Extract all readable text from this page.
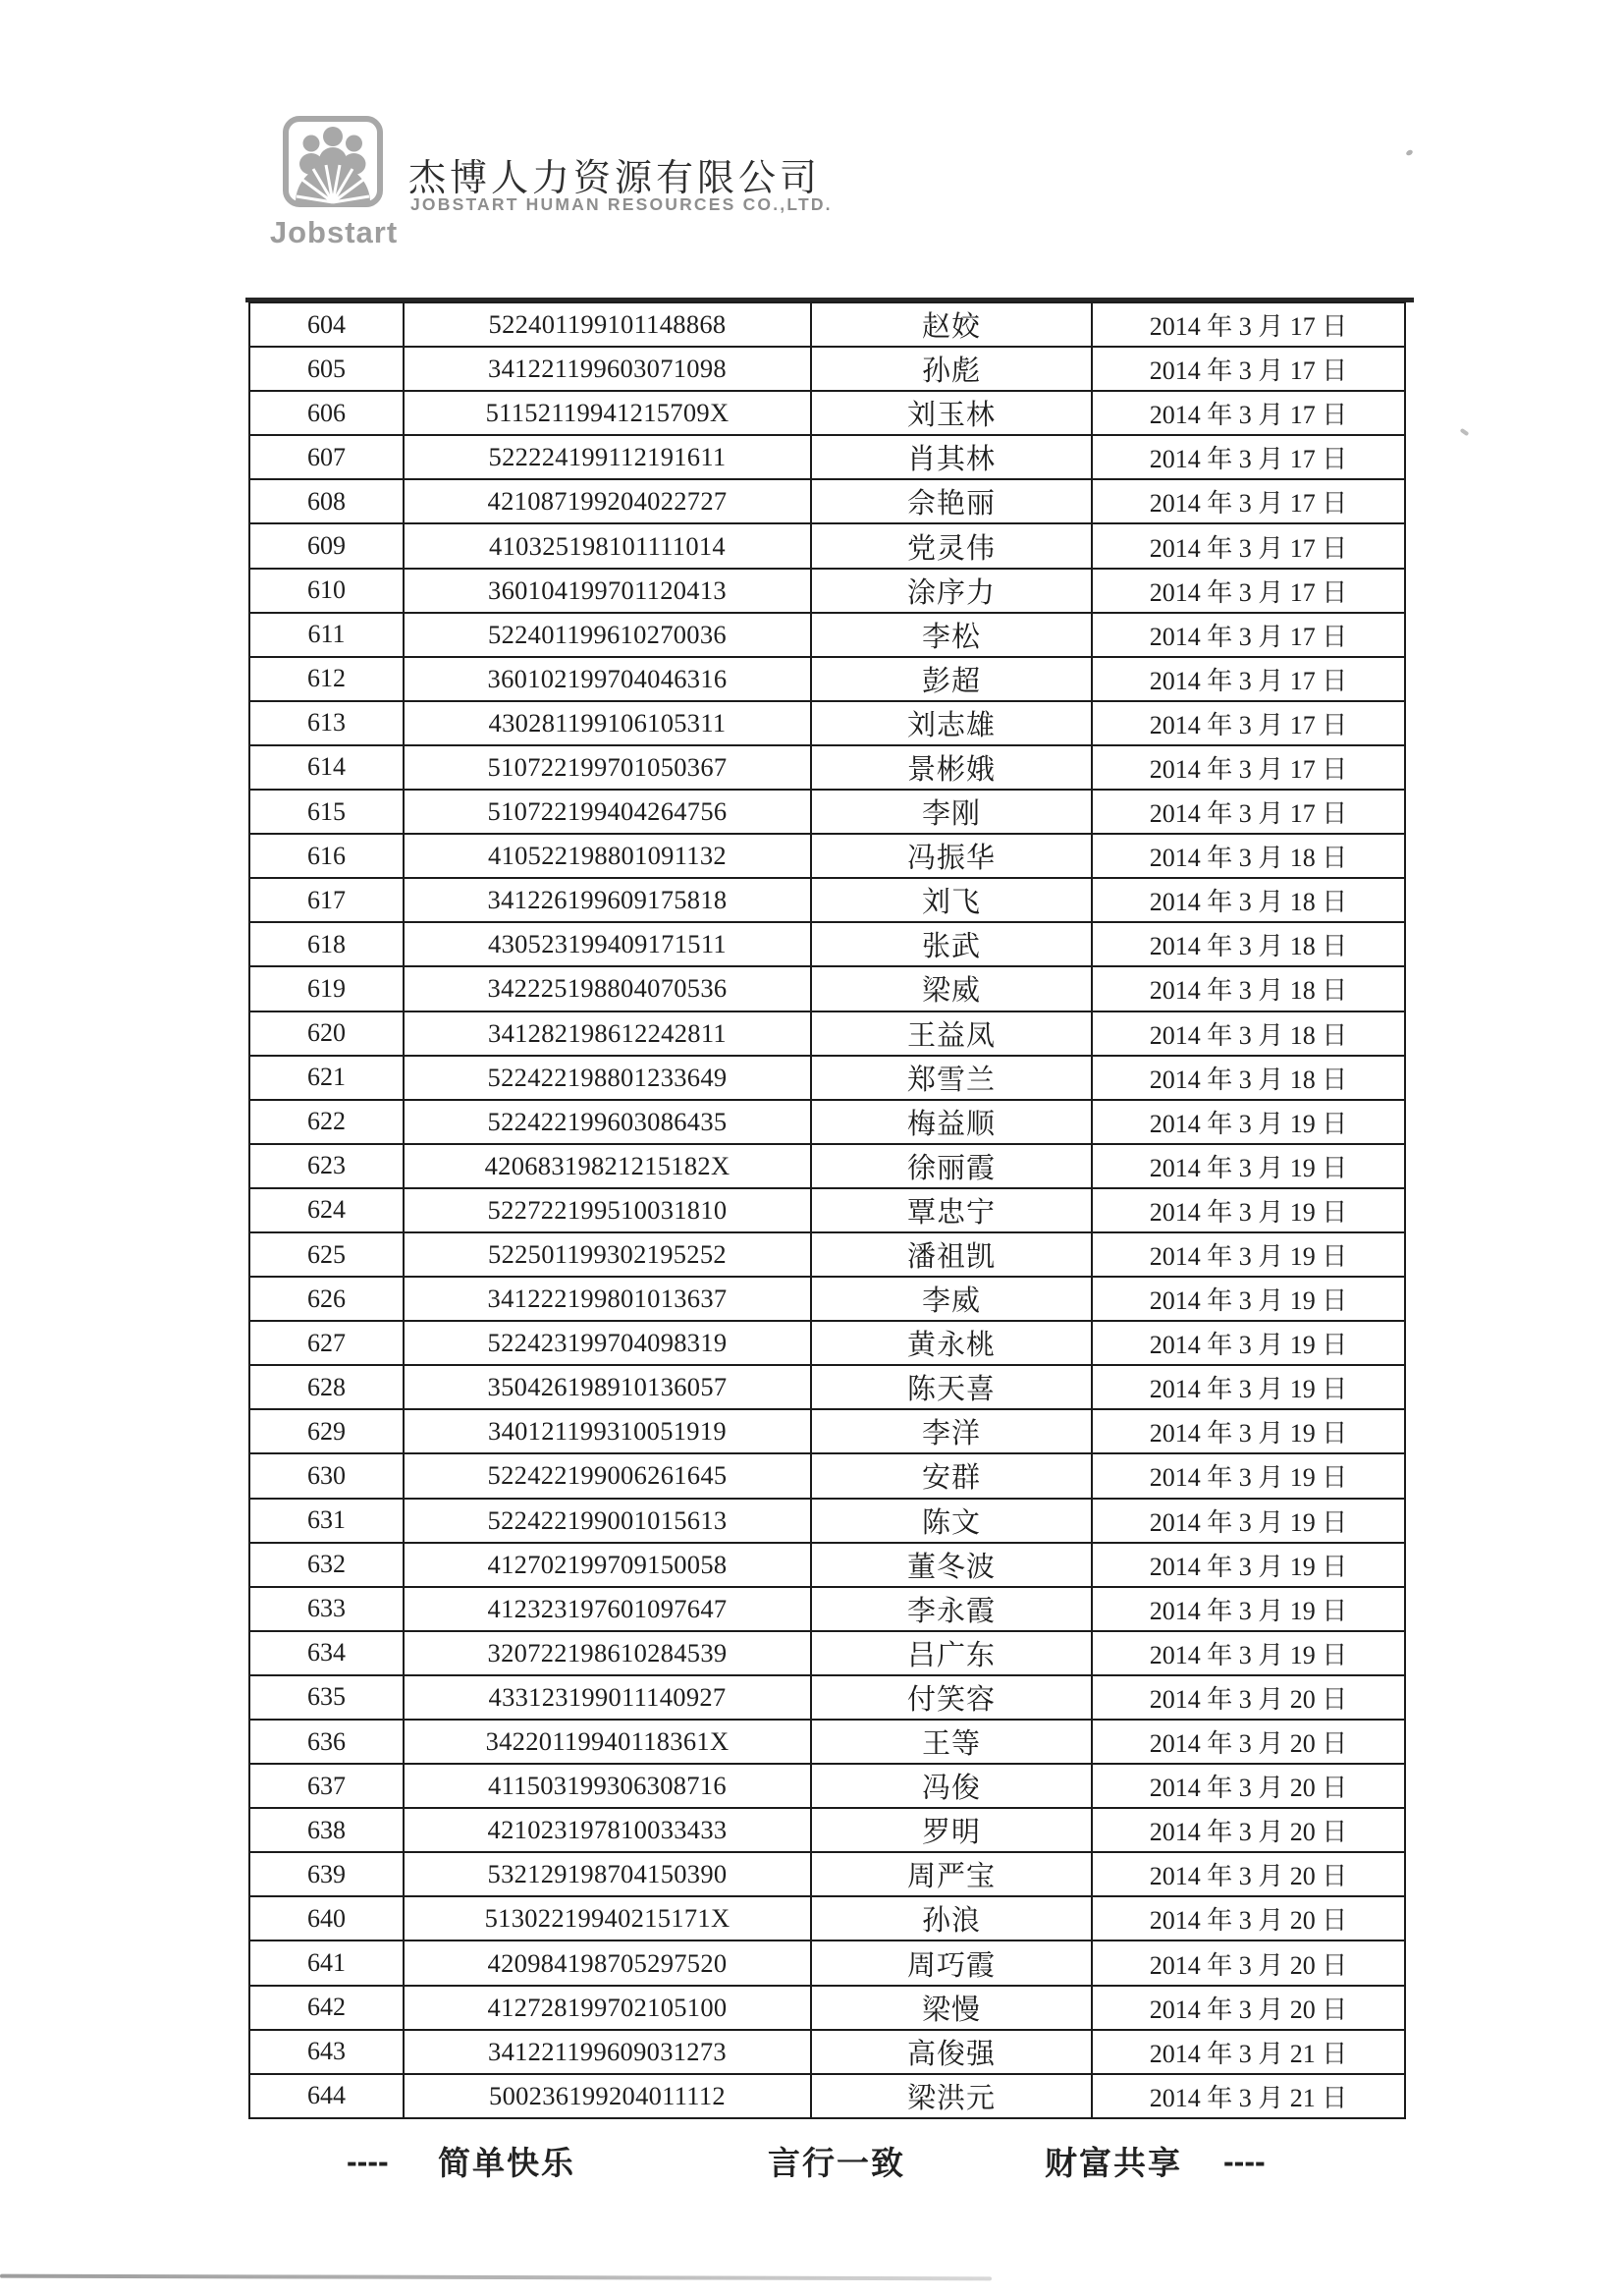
Jobstart
杰博人力资源有限公司
JOBSTART HUMAN RESOURCES CO.,LTD.
604	522401199101148868	赵姣	2014 年 3 月 17 日
605	341221199603071098	孙彪	2014 年 3 月 17 日
606	51152119941215709X	刘玉林	2014 年 3 月 17 日
607	522224199112191611	肖其林	2014 年 3 月 17 日
608	421087199204022727	佘艳丽	2014 年 3 月 17 日
609	410325198101111014	党灵伟	2014 年 3 月 17 日
610	360104199701120413	涂序力	2014 年 3 月 17 日
611	522401199610270036	李松	2014 年 3 月 17 日
612	360102199704046316	彭超	2014 年 3 月 17 日
613	430281199106105311	刘志雄	2014 年 3 月 17 日
614	510722199701050367	景彬娥	2014 年 3 月 17 日
615	510722199404264756	李刚	2014 年 3 月 17 日
616	410522198801091132	冯振华	2014 年 3 月 18 日
617	341226199609175818	刘飞	2014 年 3 月 18 日
618	430523199409171511	张武	2014 年 3 月 18 日
619	342225198804070536	梁威	2014 年 3 月 18 日
620	341282198612242811	王益凤	2014 年 3 月 18 日
621	522422198801233649	郑雪兰	2014 年 3 月 18 日
622	522422199603086435	梅益顺	2014 年 3 月 19 日
623	42068319821215182X	徐丽霞	2014 年 3 月 19 日
624	522722199510031810	覃忠宁	2014 年 3 月 19 日
625	522501199302195252	潘祖凯	2014 年 3 月 19 日
626	341222199801013637	李威	2014 年 3 月 19 日
627	522423199704098319	黄永桃	2014 年 3 月 19 日
628	350426198910136057	陈天喜	2014 年 3 月 19 日
629	340121199310051919	李洋	2014 年 3 月 19 日
630	522422199006261645	安群	2014 年 3 月 19 日
631	522422199001015613	陈文	2014 年 3 月 19 日
632	412702199709150058	董冬波	2014 年 3 月 19 日
633	412323197601097647	李永霞	2014 年 3 月 19 日
634	320722198610284539	吕广东	2014 年 3 月 19 日
635	433123199011140927	付笑容	2014 年 3 月 20 日
636	34220119940118361X	王等	2014 年 3 月 20 日
637	411503199306308716	冯俊	2014 年 3 月 20 日
638	421023197810033433	罗明	2014 年 3 月 20 日
639	532129198704150390	周严宝	2014 年 3 月 20 日
640	51302219940215171X	孙浪	2014 年 3 月 20 日
641	420984198705297520	周巧霞	2014 年 3 月 20 日
642	412728199702105100	梁慢	2014 年 3 月 20 日
643	341221199609031273	高俊强	2014 年 3 月 21 日
644	500236199204011112	梁洪元	2014 年 3 月 21 日
---- 简单快乐	言行一致	财富共享 ----
